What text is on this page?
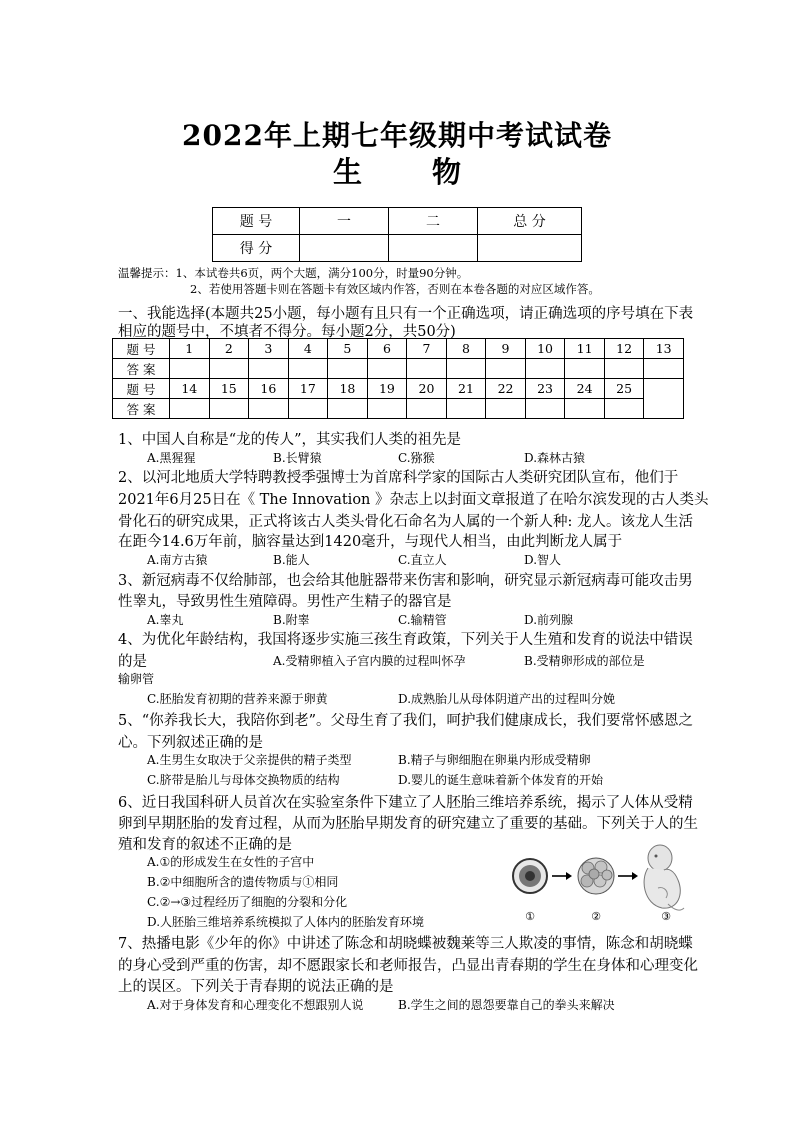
2022年上期七年级期中考试试卷
生 物
题 号	一	二	总 分
得 分			
温馨提示：1、本试卷共6页，两个大题，满分100分，时量90分钟。
2、若使用答题卡则在答题卡有效区域内作答，否则在本卷各题的对应区域作答。
一、我能选择(本题共25小题，每小题有且只有一个正确选项，请正确选项的序号填在下表
相应的题号中，不填者不得分。每小题2分，共50分)
题 号	1	2	3	4	5	6	7	8	9	10	11	12	13
答 案													
题 号	14	15	16	17	18	19	20	21	22	23	24	25	
答 案													
1、中国人自称是“龙的传人”，其实我们人类的祖先是
A.黑猩猩	B.长臂猿	C.猕猴	D.森林古猿
2、以河北地质大学特聘教授季强博士为首席科学家的国际古人类研究团队宣布，他们于
2021年6月25日在《 The Innovation 》杂志上以封面文章报道了在哈尔滨发现的古人类头
骨化石的研究成果，正式将该古人类头骨化石命名为人属的一个新人种: 龙人。该龙人生活
在距今14.6万年前，脑容量达到1420毫升，与现代人相当，由此判断龙人属于
A.南方古猿	B.能人	C.直立人	D.智人
3、新冠病毒不仅给肺部，也会给其他脏器带来伤害和影响，研究显示新冠病毒可能攻击男
性睾丸，导致男性生殖障碍。男性产生精子的器官是
A.睾丸	B.附睾	C.输精管	D.前列腺
4、为优化年龄结构，我国将逐步实施三孩生育政策，下列关于人生殖和发育的说法中错误
的是	A.受精卵植入子宫内膜的过程叫怀孕	B.受精卵形成的部位是
输卵管
C.胚胎发育初期的营养来源于卵黄	D.成熟胎儿从母体阴道产出的过程叫分娩
5、“你养我长大，我陪你到老”。父母生育了我们，呵护我们健康成长，我们要常怀感恩之
心。下列叙述正确的是
A.生男生女取决于父亲提供的精子类型	B.精子与卵细胞在卵巢内形成受精卵
C.脐带是胎儿与母体交换物质的结构	D.婴儿的诞生意味着新个体发育的开始
6、近日我国科研人员首次在实验室条件下建立了人胚胎三维培养系统，揭示了人体从受精
卵到早期胚胎的发育过程，从而为胚胎早期发育的研究建立了重要的基础。下列关于人的生
殖和发育的叙述不正确的是
A.①的形成发生在女性的子宫中
B.②中细胞所含的遗传物质与①相同
C.②→③过程经历了细胞的分裂和分化
D.人胚胎三维培养系统模拟了人体内的胚胎发育环境	①	②	③
7、热播电影《少年的你》中讲述了陈念和胡晓蝶被魏莱等三人欺凌的事情，陈念和胡晓蝶
的身心受到严重的伤害，却不愿跟家长和老师报告，凸显出青春期的学生在身体和心理变化
上的误区。下列关于青春期的说法正确的是
A.对于身体发育和心理变化不想跟别人说	B.学生之间的恩怨要靠自己的拳头来解决
